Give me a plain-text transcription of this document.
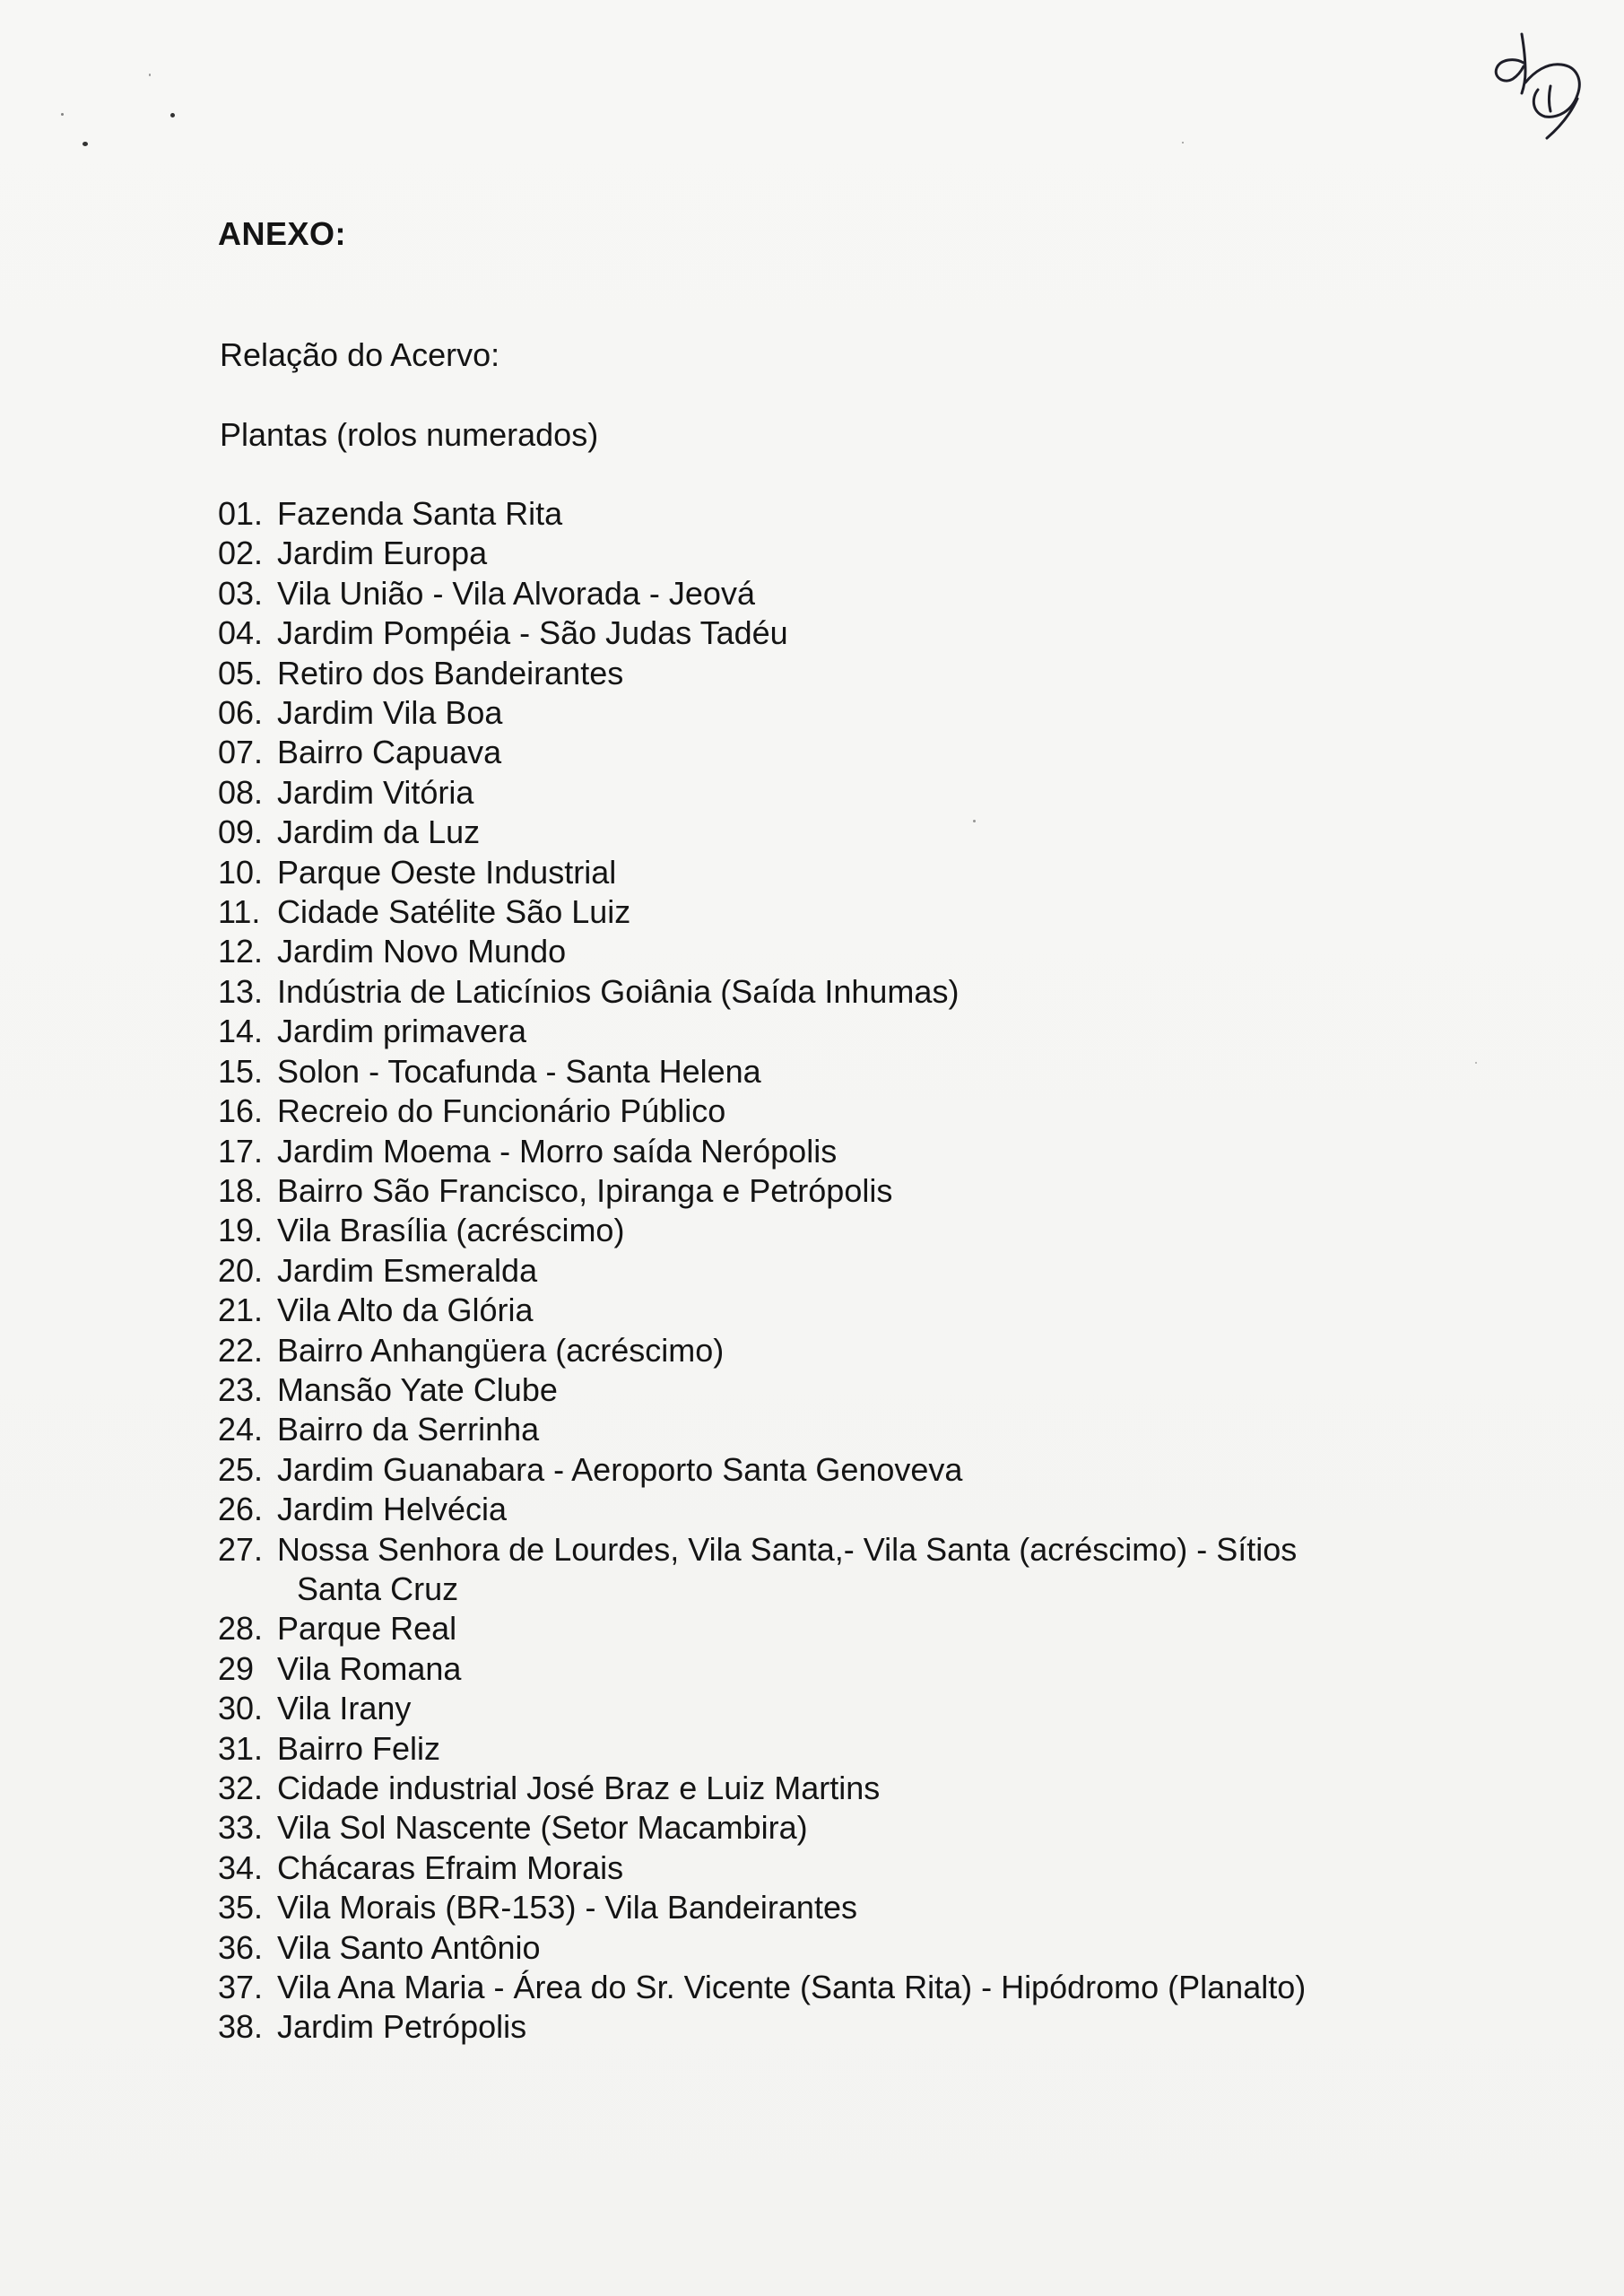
ANEXO:
Relação do Acervo:
Plantas (rolos numerados)
01. Fazenda Santa Rita
02. Jardim Europa
03. Vila União - Vila Alvorada - Jeová
04. Jardim Pompéia - São Judas Tadéu
05. Retiro dos Bandeirantes
06. Jardim Vila Boa
07. Bairro Capuava
08. Jardim Vitória
09. Jardim da Luz
10. Parque Oeste Industrial
11. Cidade Satélite São Luiz
12. Jardim Novo Mundo
13. Indústria de Laticínios Goiânia (Saída Inhumas)
14. Jardim primavera
15. Solon - Tocafunda - Santa Helena
16. Recreio do Funcionário Público
17. Jardim Moema - Morro saída Nerópolis
18. Bairro São Francisco, Ipiranga e Petrópolis
19. Vila Brasília (acréscimo)
20. Jardim Esmeralda
21. Vila Alto da Glória
22. Bairro Anhangüera (acréscimo)
23. Mansão Yate Clube
24. Bairro da Serrinha
25. Jardim Guanabara - Aeroporto Santa Genoveva
26. Jardim Helvécia
27. Nossa Senhora de Lourdes, Vila Santa,- Vila Santa (acréscimo) - Sítios Santa Cruz
28. Parque Real
29 Vila Romana
30. Vila Irany
31. Bairro Feliz
32. Cidade industrial José Braz e Luiz Martins
33. Vila Sol Nascente (Setor Macambira)
34. Chácaras Efraim Morais
35. Vila Morais (BR-153) - Vila Bandeirantes
36. Vila Santo Antônio
37. Vila Ana Maria - Área do Sr. Vicente (Santa Rita) - Hipódromo (Planalto)
38. Jardim Petrópolis
